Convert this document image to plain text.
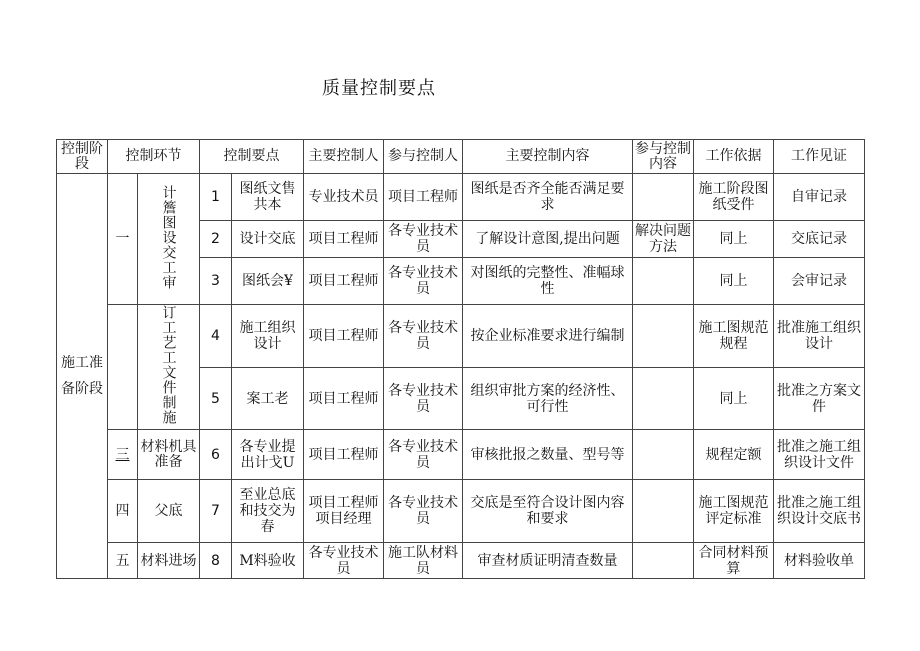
质量控制要点
控制阶段	控制环节		控制要点		主要控制人	参与控制人	主要控制内容	参与控制内容	工作依据	工作见证
施工准备阶段	一	计簷图设交工审	1	图纸文售 共本	专业技术员	项目工程师	图纸是否齐全能否满足要求		施工阶段图纸受件	自审记录
			2	设计交底	项目工程师	各专业技术员	了解设计意图,提出问题	解决问题方法	同上	交底记录
			3	图纸会¥	项目工程师	各专业技术员	对图纸的完整性、准幅球性		同上	会审记录
		订工艺工文件制施	4	施工组织设计	项目工程师	各专业技术员	按企业标准要求进行编制		施工图规范规程	批准施工组织设计
			5	案工老	项目工程师	各专业技术员	组织审批方案的经济性、可行性		同上	批准之方案文件
	三	材料机具准备	6	各专业提出计戈U	项目工程师	各专业技术员	审核批报之数量、型号等		规程定额	批准之施工组织设计文件
	四	父底	7	至业总底和技交为春	项目工程师项目经理	各专业技术员	交底是至符合设计图内容和要求		施工图规范评定标准	批准之施工组织设计交底书
	五	材料进场	8	M料验收	各专业技术员	施工队材料员	审查材质证明清查数量		合同材料预算	材料验收单
